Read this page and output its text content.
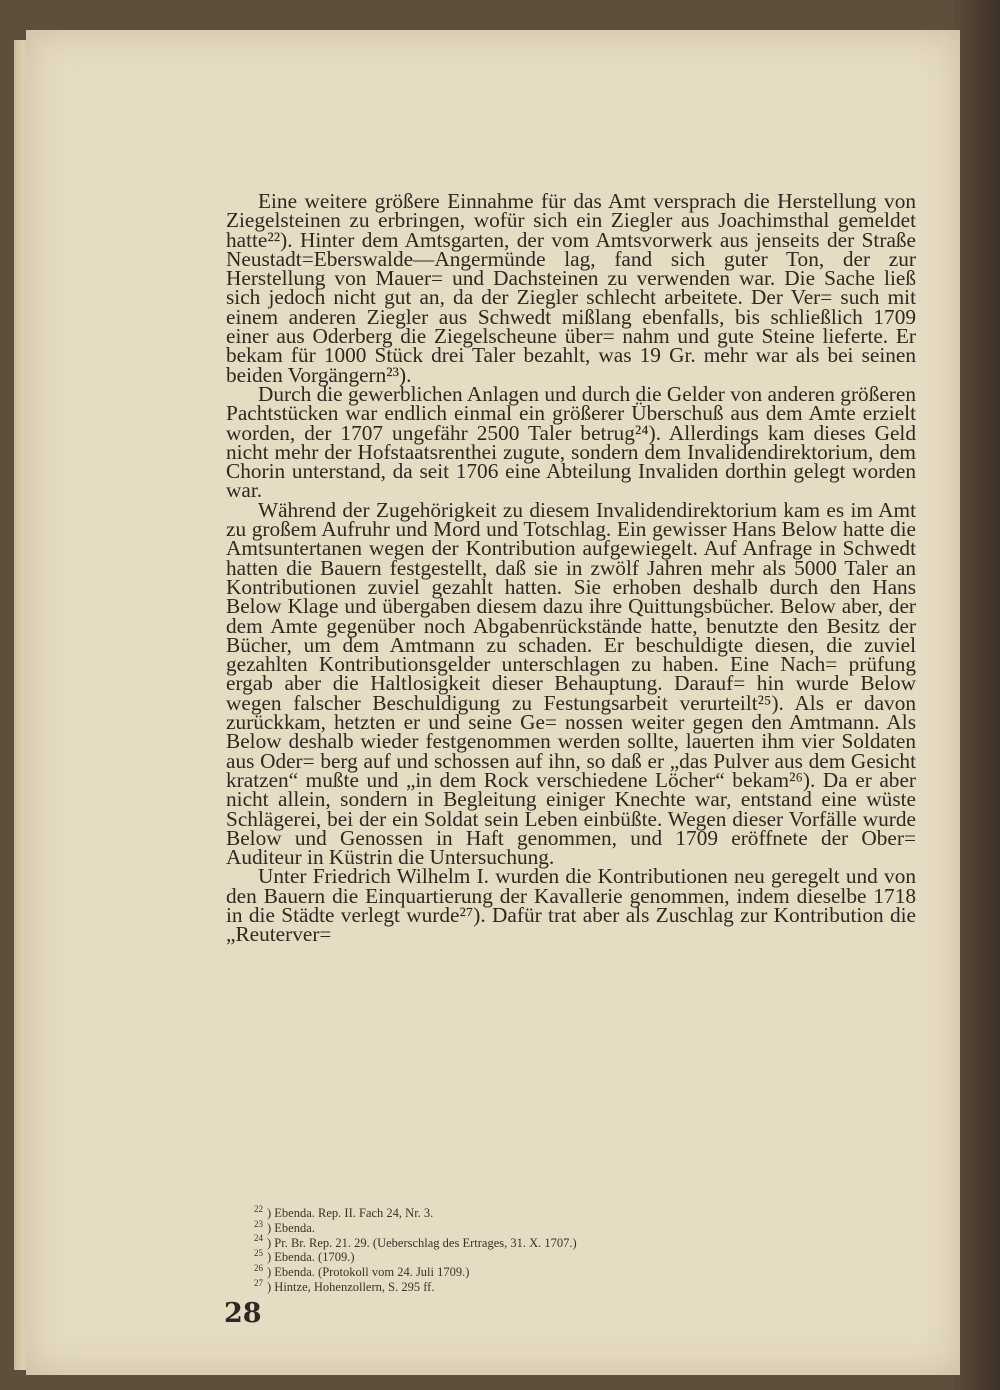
Eine weitere größere Einnahme für das Amt versprach die Herstellung von Ziegelsteinen zu erbringen, wofür sich ein Ziegler aus Joachimsthal gemeldet hatte²²). Hinter dem Amtsgarten, der vom Amtsvorwerk aus jenseits der Straße Neustadt=Eberswalde—Angermünde lag, fand sich guter Ton, der zur Herstellung von Mauer= und Dachsteinen zu verwenden war. Die Sache ließ sich jedoch nicht gut an, da der Ziegler schlecht arbeitete. Der Ver= such mit einem anderen Ziegler aus Schwedt mißlang ebenfalls, bis schließlich 1709 einer aus Oderberg die Ziegelscheune über= nahm und gute Steine lieferte. Er bekam für 1000 Stück drei Taler bezahlt, was 19 Gr. mehr war als bei seinen beiden Vorgängern²³).

Durch die gewerblichen Anlagen und durch die Gelder von anderen größeren Pachtstücken war endlich einmal ein größerer Überschuß aus dem Amte erzielt worden, der 1707 ungefähr 2500 Taler betrug²⁴). Allerdings kam dieses Geld nicht mehr der Hofstaatsrenthei zugute, sondern dem Invalidendirektorium, dem Chorin unterstand, da seit 1706 eine Abteilung Invaliden dorthin gelegt worden war.

Während der Zugehörigkeit zu diesem Invalidendirektorium kam es im Amt zu großem Aufruhr und Mord und Totschlag. Ein gewisser Hans Below hatte die Amtsuntertanen wegen der Kontribution aufgewiegelt. Auf Anfrage in Schwedt hatten die Bauern festgestellt, daß sie in zwölf Jahren mehr als 5000 Taler an Kontributionen zuviel gezahlt hatten. Sie erhoben deshalb durch den Hans Below Klage und übergaben diesem dazu ihre Quittungsbücher. Below aber, der dem Amte gegenüber noch Abgabenrückstände hatte, benutzte den Besitz der Bücher, um dem Amtmann zu schaden. Er beschuldigte diesen, die zuviel gezahlten Kontributionsgelder unterschlagen zu haben. Eine Nach= prüfung ergab aber die Haltlosigkeit dieser Behauptung. Darauf= hin wurde Below wegen falscher Beschuldigung zu Festungsarbeit verurteilt²⁵). Als er davon zurückkam, hetzten er und seine Ge= nossen weiter gegen den Amtmann. Als Below deshalb wieder festgenommen werden sollte, lauerten ihm vier Soldaten aus Oder= berg auf und schossen auf ihn, so daß er „das Pulver aus dem Gesicht kratzen“ mußte und „in dem Rock verschiedene Löcher“ bekam²⁶). Da er aber nicht allein, sondern in Begleitung einiger Knechte war, entstand eine wüste Schlägerei, bei der ein Soldat sein Leben einbüßte. Wegen dieser Vorfälle wurde Below und Genossen in Haft genommen, und 1709 eröffnete der Ober= Auditeur in Küstrin die Untersuchung.

Unter Friedrich Wilhelm I. wurden die Kontributionen neu geregelt und von den Bauern die Einquartierung der Kavallerie genommen, indem dieselbe 1718 in die Städte verlegt wurde²⁷). Dafür trat aber als Zuschlag zur Kontribution die „Reuterver=

$^{22}$ ) Ebenda. Rep. II. Fach 24, Nr. 3.
$^{23}$ ) Ebenda.
$^{24}$ ) Pr. Br. Rep. 21. 29. (Ueberschlag des Ertrages, 31. X. 1707.)
$^{25}$ ) Ebenda. (1709.)
$^{26}$ ) Ebenda. (Protokoll vom 24. Juli 1709.)
$^{27}$ ) Hintze, Hohenzollern, S. 295 ff.
28
